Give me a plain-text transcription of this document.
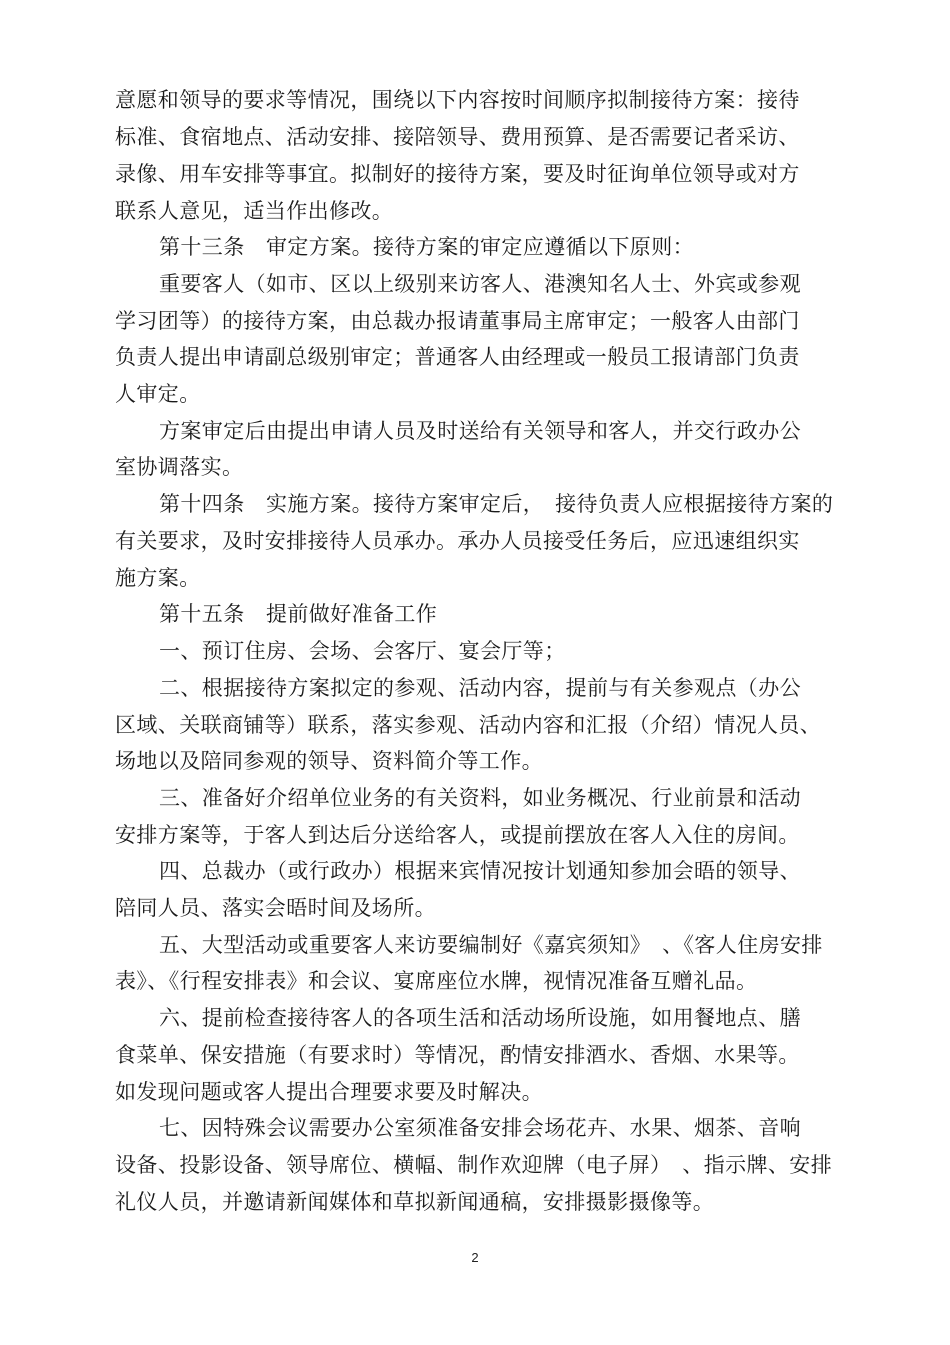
意愿和领导的要求等情况，围绕以下内容按时间顺序拟制接待方案：接待

标准、食宿地点、活动安排、接陪领导、费用预算、是否需要记者采访、

录像、用车安排等事宜。拟制好的接待方案，要及时征询单位领导或对方

联系人意见，适当作出修改。

第十三条　审定方案。接待方案的审定应遵循以下原则：

重要客人（如市、区以上级别来访客人、港澳知名人士、外宾或参观

学习团等）的接待方案，由总裁办报请董事局主席审定；一般客人由部门

负责人提出申请副总级别审定；普通客人由经理或一般员工报请部门负责

人审定。

方案审定后由提出申请人员及时送给有关领导和客人，并交行政办公

室协调落实。

第十四条　实施方案。接待方案审定后，　接待负责人应根据接待方案的

有关要求，及时安排接待人员承办。承办人员接受任务后，应迅速组织实

施方案。

第十五条　提前做好准备工作

一、预订住房、会场、会客厅、宴会厅等；

二、根据接待方案拟定的参观、活动内容，提前与有关参观点（办公

区域、关联商铺等）联系，落实参观、活动内容和汇报（介绍）情况人员、

场地以及陪同参观的领导、资料简介等工作。

三、准备好介绍单位业务的有关资料，如业务概况、行业前景和活动

安排方案等，于客人到达后分送给客人，或提前摆放在客人入住的房间。

四、总裁办（或行政办）根据来宾情况按计划通知参加会晤的领导、

陪同人员、落实会晤时间及场所。

五、大型活动或重要客人来访要编制好《嘉宾须知》　、《客人住房安排

表》、《行程安排表》和会议、宴席座位水牌，视情况准备互赠礼品。

六、提前检查接待客人的各项生活和活动场所设施，如用餐地点、膳

食菜单、保安措施（有要求时）等情况，酌情安排酒水、香烟、水果等。

如发现问题或客人提出合理要求要及时解决。

七、因特殊会议需要办公室须准备安排会场花卉、水果、烟茶、音响

设备、投影设备、领导席位、横幅、制作欢迎牌（电子屏）　、指示牌、安排

礼仪人员，并邀请新闻媒体和草拟新闻通稿，安排摄影摄像等。

2
